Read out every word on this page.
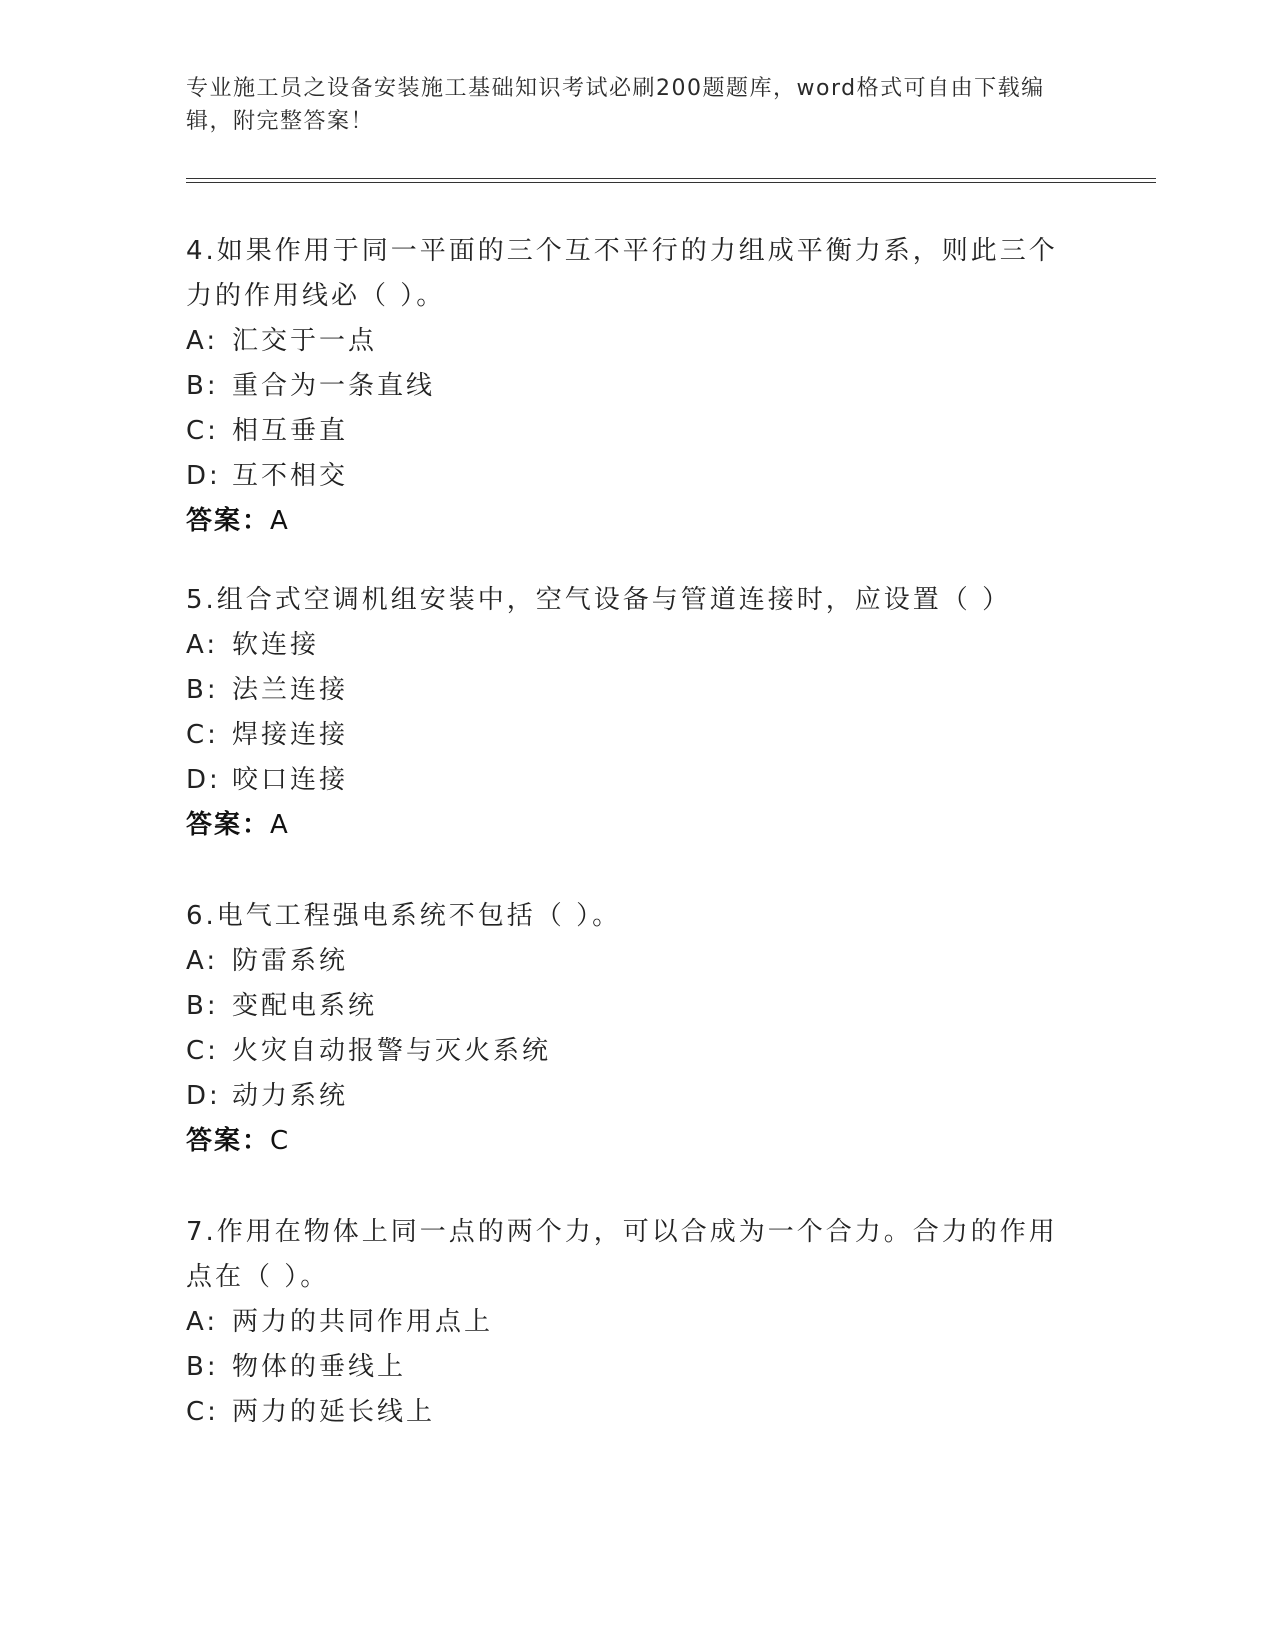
专业施工员之设备安装施工基础知识考试必刷200题题库，word格式可自由下载编辑，附完整答案！
4.如果作用于同一平面的三个互不平行的力组成平衡力系，则此三个力的作用线必（ ）。
A: 汇交于一点
B: 重合为一条直线
C: 相互垂直
D: 互不相交
答案：A
5.组合式空调机组安装中，空气设备与管道连接时，应设置（ ）
A: 软连接
B: 法兰连接
C: 焊接连接
D: 咬口连接
答案：A
6.电气工程强电系统不包括（ ）。
A: 防雷系统
B: 变配电系统
C: 火灾自动报警与灭火系统
D: 动力系统
答案：C
7.作用在物体上同一点的两个力，可以合成为一个合力。合力的作用点在（ ）。
A: 两力的共同作用点上
B: 物体的垂线上
C: 两力的延长线上
